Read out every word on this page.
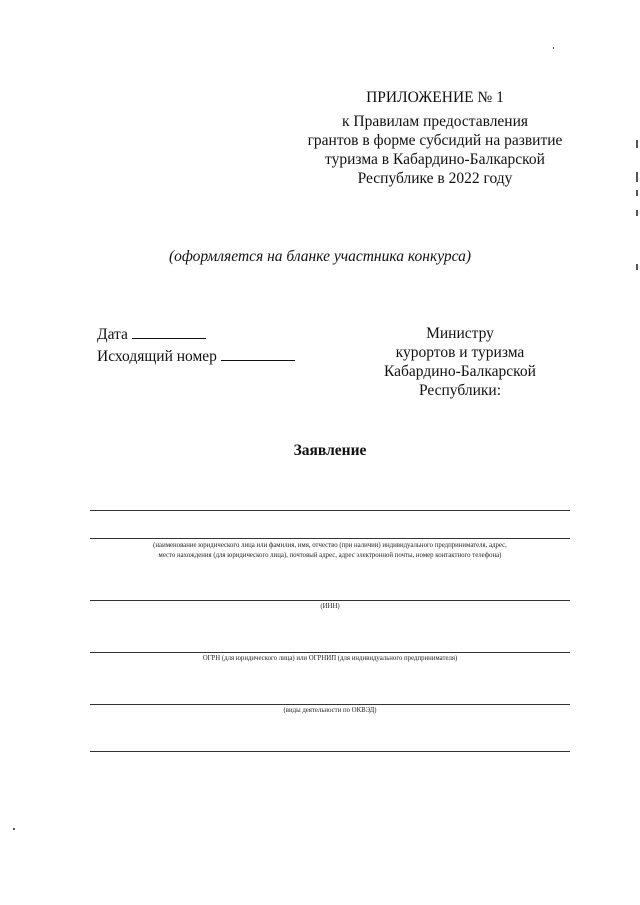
ПРИЛОЖЕНИЕ № 1
к Правилам предоставления
грантов в форме субсидий на развитие
туризма в Кабардино-Балкарской
Республике в 2022 году
(оформляется на бланке участника конкурса)
Дата
Исходящий номер
Министру
курортов и туризма
Кабардино-Балкарской
Республики:
Заявление
(наименование юридического лица или фамилия, имя, отчество (при наличии) индивидуального предпринимателя, адрес,
место нахождения (для юридического лица), почтовый адрес, адрес электронной почты, номер контактного телефона)
(ИНН)
ОГРН (для юридического лица) или ОГРНИП (для индивидуального предпринимателя)
(виды деятельности по ОКВЭД)
